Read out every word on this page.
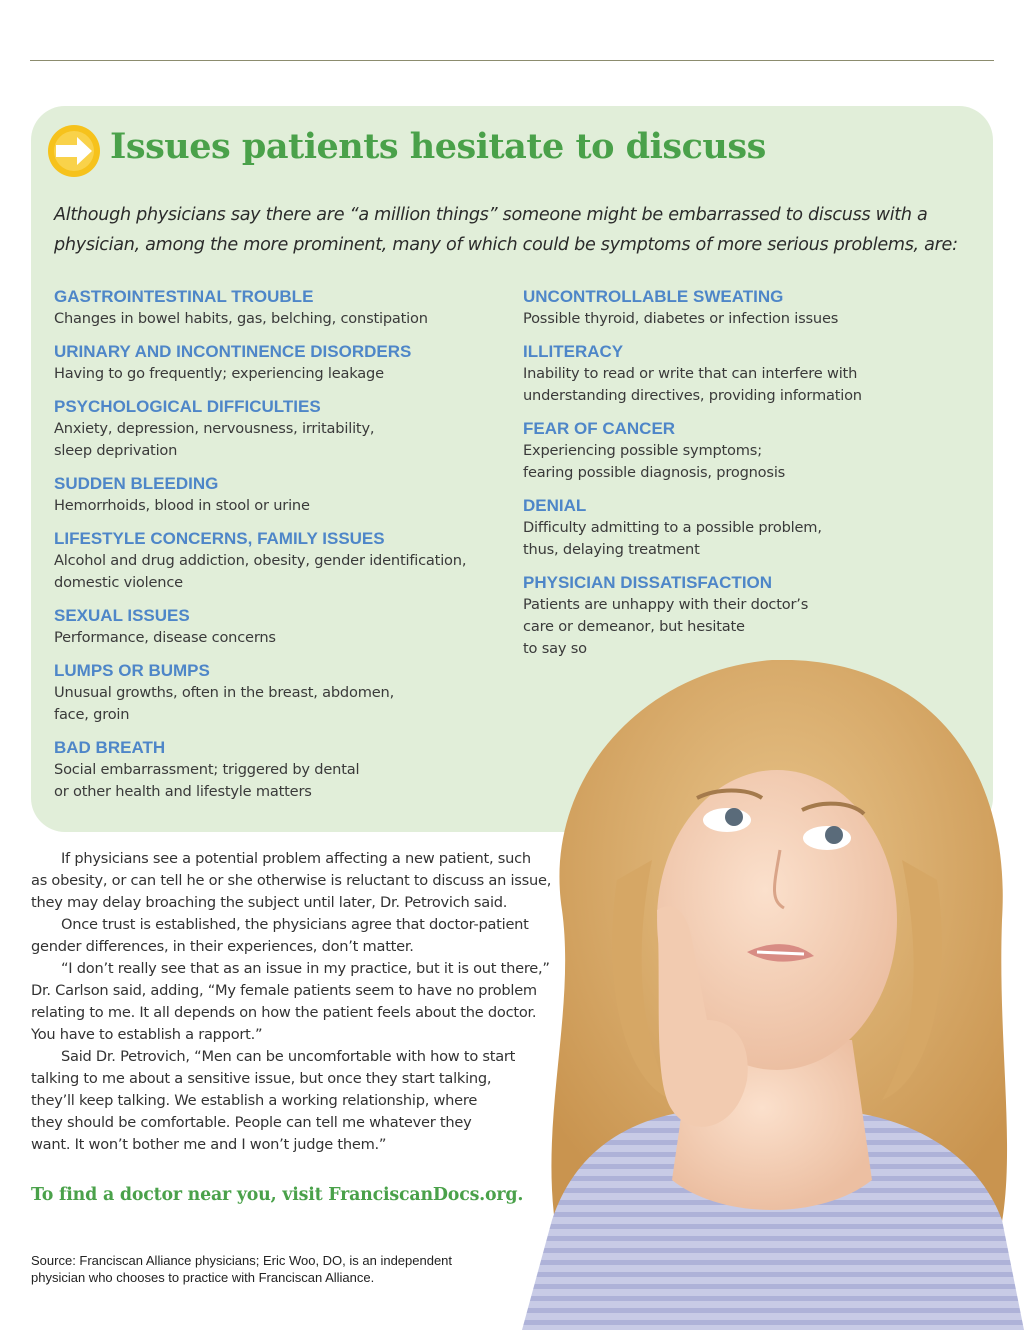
Issues patients hesitate to discuss
Although physicians say there are “a million things” someone might be embarrassed to discuss with a physician, among the more prominent, many of which could be symptoms of more serious problems, are:
GASTROINTESTINAL TROUBLE
Changes in bowel habits, gas, belching, constipation
URINARY AND INCONTINENCE DISORDERS
Having to go frequently; experiencing leakage
PSYCHOLOGICAL DIFFICULTIES
Anxiety, depression, nervousness, irritability,
sleep deprivation
SUDDEN BLEEDING
Hemorrhoids, blood in stool or urine
LIFESTYLE CONCERNS, FAMILY ISSUES
Alcohol and drug addiction, obesity, gender identification,
domestic violence
SEXUAL ISSUES
Performance, disease concerns
LUMPS OR BUMPS
Unusual growths, often in the breast, abdomen,
face, groin
BAD BREATH
Social embarrassment; triggered by dental
or other health and lifestyle matters
UNCONTROLLABLE SWEATING
Possible thyroid, diabetes or infection issues
ILLITERACY
Inability to read or write that can interfere with
understanding directives, providing information
FEAR OF CANCER
Experiencing possible symptoms;
fearing possible diagnosis, prognosis
DENIAL
Difficulty admitting to a possible problem,
thus, delaying treatment
PHYSICIAN DISSATISFACTION
Patients are unhappy with their doctor’s
care or demeanor, but hesitate
to say so

If physicians see a potential problem affecting a new patient, such
as obesity, or can tell he or she otherwise is reluctant to discuss an issue,
they may delay broaching the subject until later, Dr. Petrovich said.

Once trust is established, the physicians agree that doctor-patient
gender differences, in their experiences, don’t matter.

“I don’t really see that as an issue in my practice, but it is out there,”
Dr. Carlson said, adding, “My female patients seem to have no problem
relating to me. It all depends on how the patient feels about the doctor.
You have to establish a rapport.”

Said Dr. Petrovich, “Men can be uncomfortable with how to start
talking to me about a sensitive issue, but once they start talking,
they’ll keep talking. We establish a working relationship, where
they should be comfortable. People can tell me whatever they
want. It won’t bother me and I won’t judge them.”

To find a doctor near you, visit FranciscanDocs.org.
Source: Franciscan Alliance physicians; Eric Woo, DO, is an independent
physician who chooses to practice with Franciscan Alliance.
